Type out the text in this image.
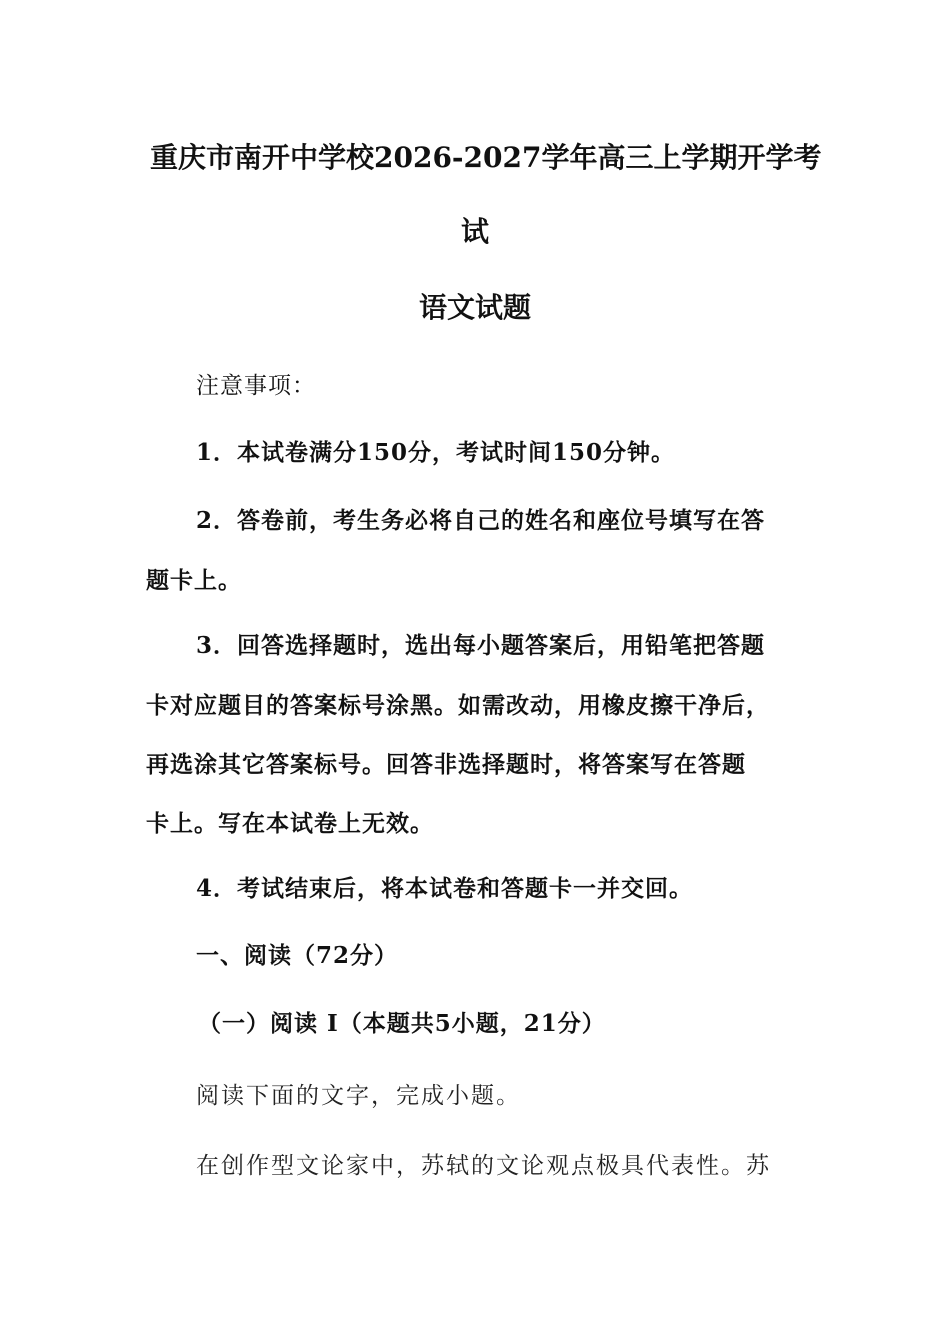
重庆市南开中学校2026-2027学年高三上学期开学考
试
语文试题
注意事项：
1．本试卷满分150分，考试时间150分钟。
2．答卷前，考生务必将自己的姓名和座位号填写在答
题卡上。
3．回答选择题时，选出每小题答案后，用铅笔把答题
卡对应题目的答案标号涂黑。如需改动，用橡皮擦干净后，
再选涂其它答案标号。回答非选择题时，将答案写在答题
卡上。写在本试卷上无效。
4．考试结束后，将本试卷和答题卡一并交回。
一、阅读（72分）
（一）阅读 I（本题共5小题，21分）
阅读下面的文字，完成小题。
在创作型文论家中，苏轼的文论观点极具代表性。苏
